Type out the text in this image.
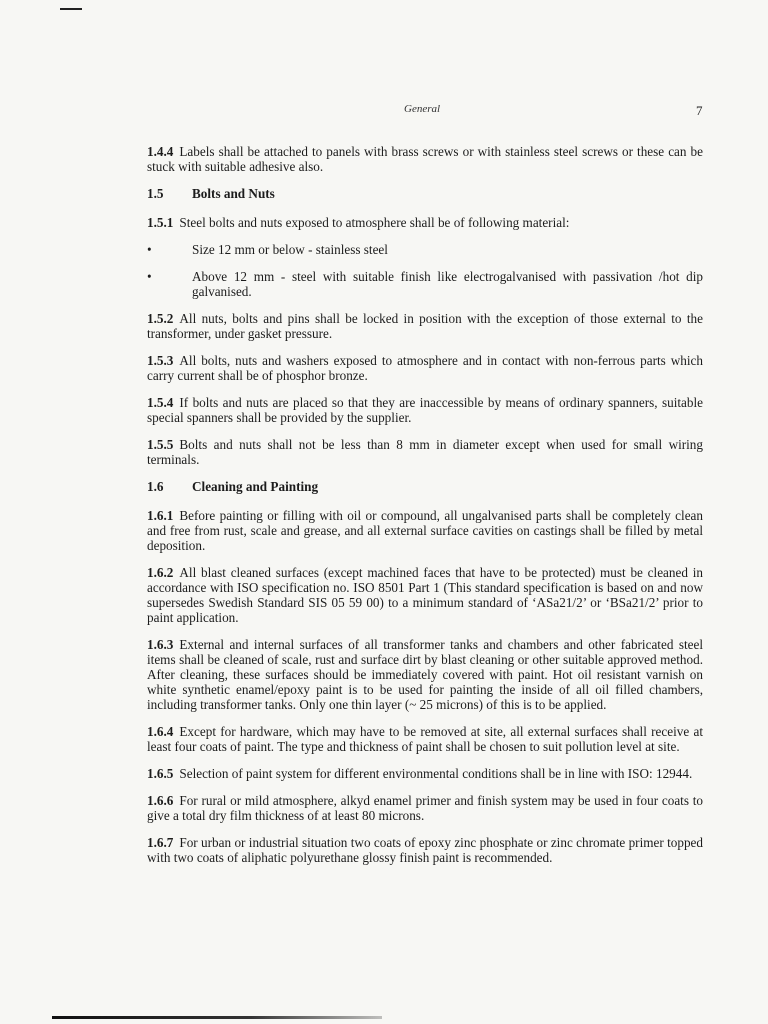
General	7

1.4.4 Labels shall be attached to panels with brass screws or with stainless steel screws or these can be stuck with suitable adhesive also.

1.5	Bolts and Nuts

1.5.1 Steel bolts and nuts exposed to atmosphere shall be of following material:

•	Size 12 mm or below - stainless steel
•	Above 12 mm - steel with suitable finish like electrogalvanised with passivation /hot dip galvanised.

1.5.2 All nuts, bolts and pins shall be locked in position with the exception of those external to the transformer, under gasket pressure.

1.5.3 All bolts, nuts and washers exposed to atmosphere and in contact with non-ferrous parts which carry current shall be of phosphor bronze.

1.5.4 If bolts and nuts are placed so that they are inaccessible by means of ordinary spanners, suitable special spanners shall be provided by the supplier.

1.5.5 Bolts and nuts shall not be less than 8 mm in diameter except when used for small wiring terminals.

1.6	Cleaning and Painting

1.6.1 Before painting or filling with oil or compound, all ungalvanised parts shall be completely clean and free from rust, scale and grease, and all external surface cavities on castings shall be filled by metal deposition.

1.6.2 All blast cleaned surfaces (except machined faces that have to be protected) must be cleaned in accordance with ISO specification no. ISO 8501 Part 1 (This standard specification is based on and now supersedes Swedish Standard SIS 05 59 00) to a minimum standard of ‘ASa21/2’ or ‘BSa21/2’ prior to paint application.

1.6.3 External and internal surfaces of all transformer tanks and chambers and other fabricated steel items shall be cleaned of scale, rust and surface dirt by blast cleaning or other suitable approved method. After cleaning, these surfaces should be immediately covered with paint. Hot oil resistant varnish on white synthetic enamel/epoxy paint is to be used for painting the inside of all oil filled chambers, including transformer tanks. Only one thin layer (~ 25 microns) of this is to be applied.

1.6.4 Except for hardware, which may have to be removed at site, all external surfaces shall receive at least four coats of paint. The type and thickness of paint shall be chosen to suit pollution level at site.

1.6.5 Selection of paint system for different environmental conditions shall be in line with ISO: 12944.

1.6.6 For rural or mild atmosphere, alkyd enamel primer and finish system may be used in four coats to give a total dry film thickness of at least 80 microns.

1.6.7 For urban or industrial situation two coats of epoxy zinc phosphate or zinc chromate primer topped with two coats of aliphatic polyurethane glossy finish paint is recommended.
